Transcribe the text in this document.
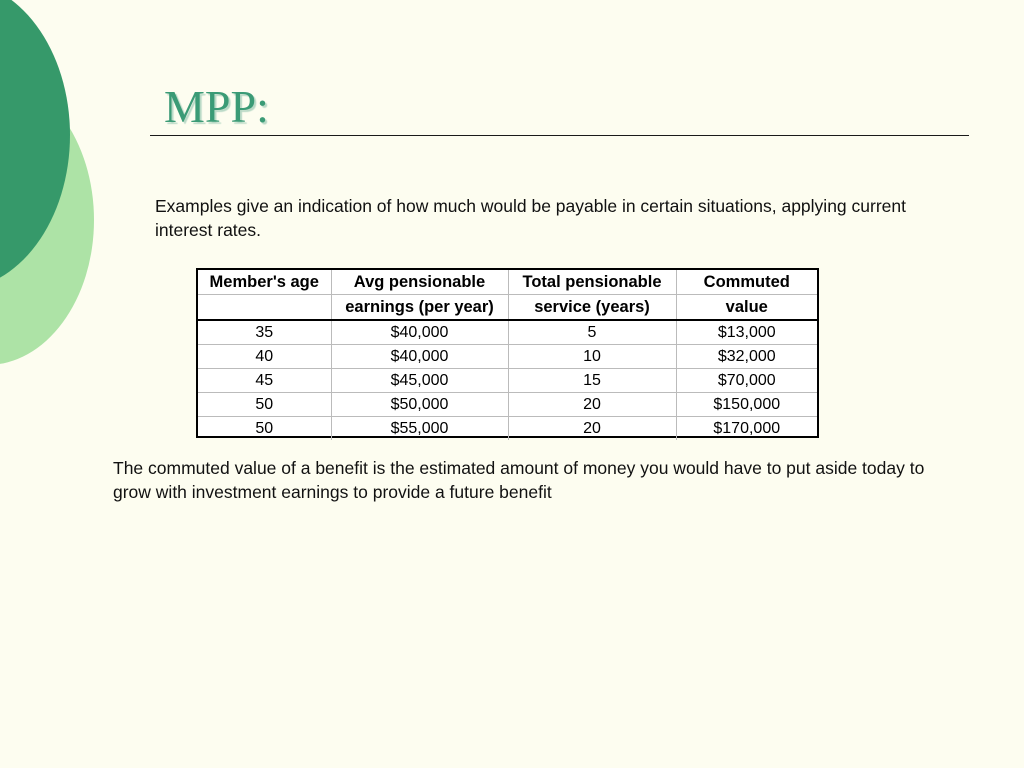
MPP:
Examples give an indication of how much would be payable in certain situations, applying current interest rates.
Member's age	Avg pensionable	Total pensionable	Commuted
	earnings (per year)	service (years)	value
35	$40,000	5	$13,000
40	$40,000	10	$32,000
45	$45,000	15	$70,000
50	$50,000	20	$150,000
50	$55,000	20	$170,000
The commuted value of a benefit is the estimated amount of money you would have to put aside today to grow with investment earnings to provide a future benefit
